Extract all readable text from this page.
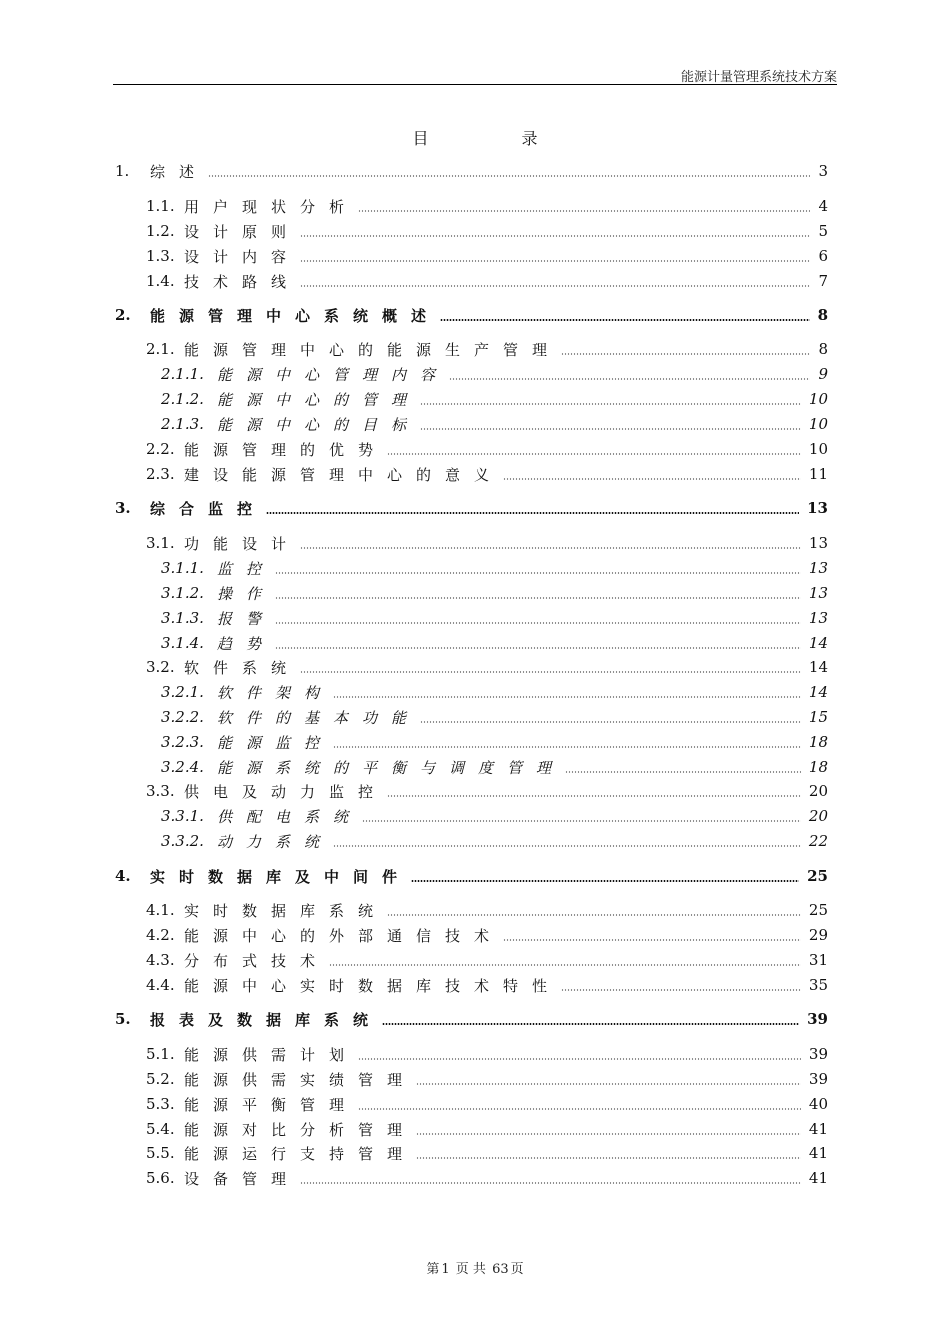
能源计量管理系统技术方案
目 录
1.	综述	3
1.1. 用户现状分析	4
1.2. 设计原则	5
1.3. 设计内容	6
1.4. 技术路线	7
2.	能源管理中心系统概述	8
2.1. 能源管理中心的能源生产管理	8
2.1.1. 能源中心管理内容	9
2.1.2. 能源中心的管理	10
2.1.3. 能源中心的目标	10
2.2. 能源管理的优势	10
2.3. 建设能源管理中心的意义	11
3.	综合监控	13
3.1. 功能设计	13
3.1.1. 监控	13
3.1.2. 操作	13
3.1.3. 报警	13
3.1.4. 趋势	14
3.2. 软件系统	14
3.2.1. 软件架构	14
3.2.2. 软件的基本功能	15
3.2.3. 能源监控	18
3.2.4. 能源系统的平衡与调度管理	18
3.3. 供电及动力监控	20
3.3.1. 供配电系统	20
3.3.2. 动力系统	22
4.	实时数据库及中间件	25
4.1. 实时数据库系统	25
4.2. 能源中心的外部通信技术	29
4.3. 分布式技术	31
4.4. 能源中心实时数据库技术特性	35
5.	报表及数据库系统	39
5.1. 能源供需计划	39
5.2. 能源供需实绩管理	39
5.3. 能源平衡管理	40
5.4. 能源对比分析管理	41
5.5. 能源运行支持管理	41
5.6. 设备管理	41
第 1 页 共 63 页
